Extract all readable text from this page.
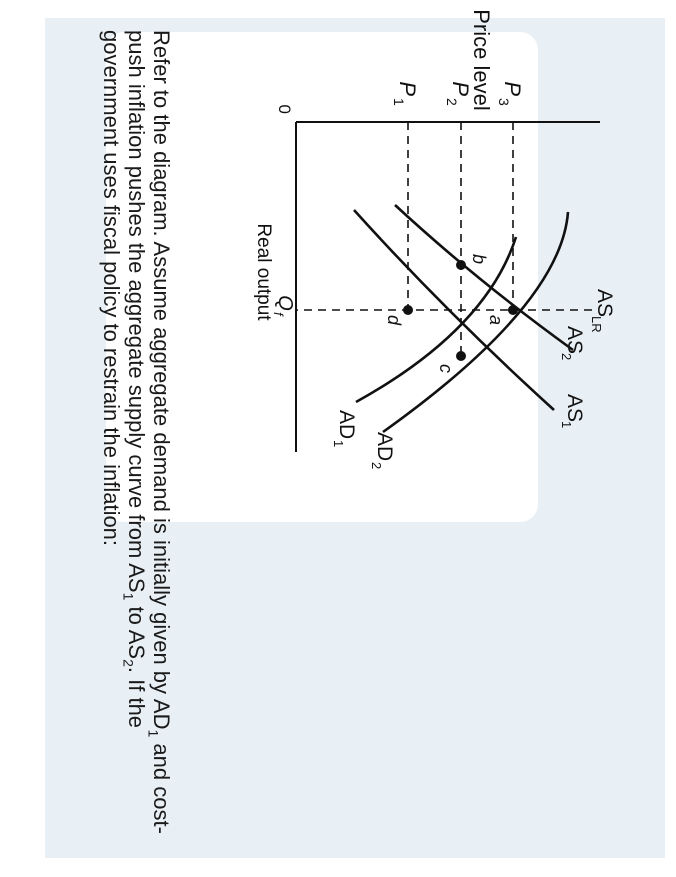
Price level
Real output
0
P
3
P
2
P
1
Q
f	AS
LR
AS
2
AS
1
AD
2
AD
1
a
b
c
d

Refer to the diagram. Assume aggregate demand is initially given by $AD_1$ and cost-push inflation pushes the aggregate supply curve from $AS_1$ to $AS_2$. If the government uses fiscal policy to restrain the inflation:
